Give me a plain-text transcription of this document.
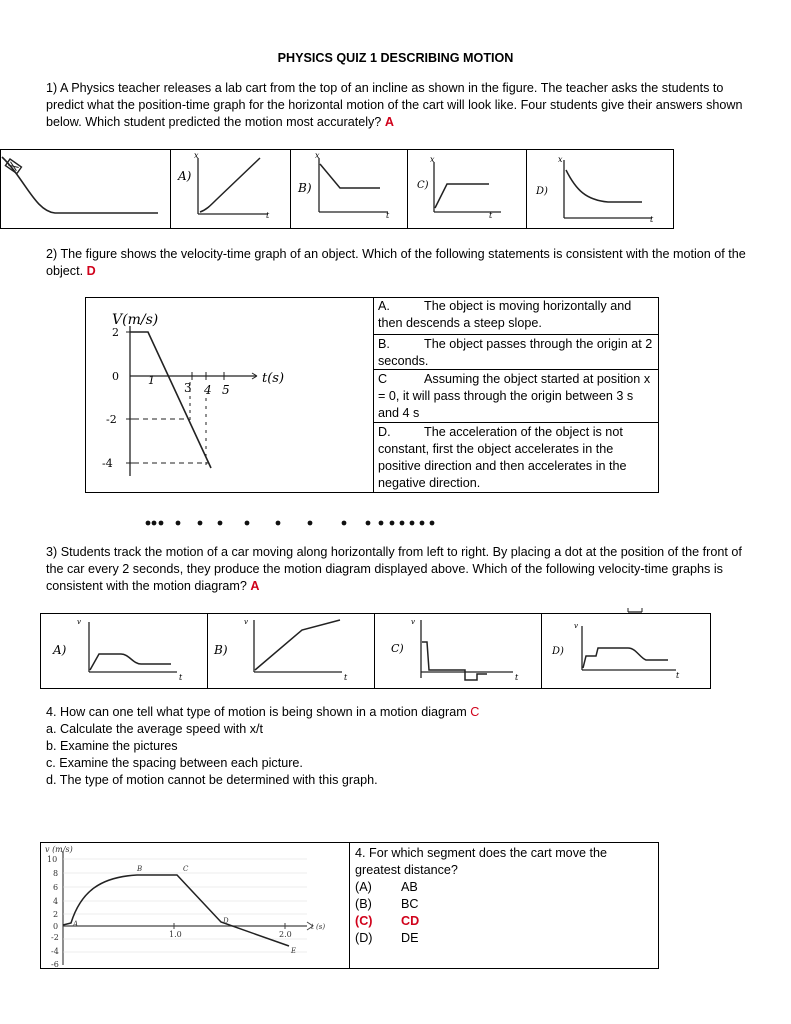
PHYSICS QUIZ 1 DESCRIBING MOTION
1) A Physics teacher releases a lab cart from the top of an incline as shown in the figure. The teacher asks the students to predict what the position-time graph for the horizontal motion of the cart will look like. Four students give their answers shown below. Which student predicted the motion most accurately? A
A)
x
t
B)
x
t
C)
x
t
D)
x
t
2) The figure shows the velocity-time graph of an object. Which of the following statements is consistent with the motion of the object. D
V(m/s)
2
0
-2
-4
1
3 4 5
t(s)
A.	The object is moving horizontally and then descends a steep slope.
B.	The object passes through the origin at 2 seconds.
C	Assuming the object started at position x = 0, it will pass through the origin between 3 s and 4 s
D.	The acceleration of the object is not constant, first the object accelerates in the positive direction and then accelerates in the negative direction.
3) Students track the motion of a car moving along horizontally from left to right. By placing a dot at the position of the front of the car every 2 seconds, they produce the motion diagram displayed above. Which of the following velocity-time graphs is consistent with the motion diagram? A
A)
v
t
B)
v
t
C)
v
t
D)
v
t
4. How can one tell what type of motion is being shown in a motion diagram C
a. Calculate the average speed with x/t
b. Examine the pictures
c. Examine the spacing between each picture.
d. The type of motion cannot be determined with this graph.
v (m/s)
t (s)
10
8
6
4
2
0
-2
-4
-6
1.0	2.0
A
B	C
D
E
4. For which segment does the cart move the greatest distance?
(A) AB
(B) BC
(C) CD
(D) DE
